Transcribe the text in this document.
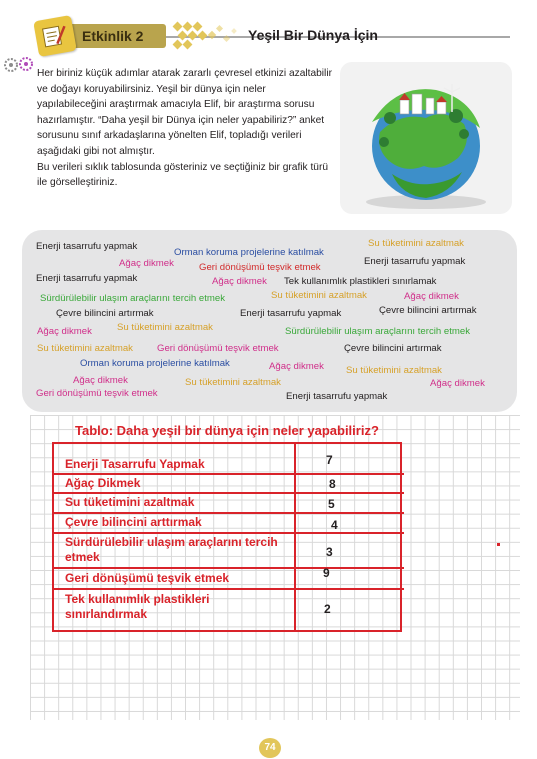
Etkinlik 2	Yeşil Bir Dünya İçin

Her biriniz küçük adımlar atarak zararlı çevresel etkinizi azaltabilir ve doğayı koruyabilirsiniz. Yeşil bir dünya için neler yapılabileceğini araştırmak amacıyla Elif, bir araştırma sorusu hazırlamıştır. “Daha yeşil bir Dünya için neler yapabiliriz?” anket sorusunu sınıf arkadaşlarına yönelten Elif, topladığı verileri aşağıdaki gibi not almıştır.

Bu verileri sıklık tablosunda gösteriniz ve seçtiğiniz bir grafik türü ile görselleştiriniz.

Enerji tasarrufu yapmak
Orman koruma projelerine katılmak
Su tüketimini azaltmak
Ağaç dikmek	Geri dönüşümü teşvik etmek
Enerji tasarrufu yapmak
Enerji tasarrufu yapmak	Ağaç dikmek Tek kullanımlık plastikleri sınırlamak
Su tüketimini azaltmak	Ağaç dikmek
Sürdürülebilir ulaşım araçlarını tercih etmek
Çevre bilincini artırmak
Çevre bilincini artırmak	Enerji tasarrufu yapmak
Ağaç dikmek	Su tüketimini azaltmak	Sürdürülebilir ulaşım araçlarını tercih etmek
Su tüketimini azaltmak	Geri dönüşümü teşvik etmek	Çevre bilincini artırmak
Orman koruma projelerine katılmak	Ağaç dikmek Su tüketimini azaltmak
Ağaç dikmek	Su tüketimini azaltmak	Ağaç dikmek
Geri dönüşümü teşvik etmek	Enerji tasarrufu yapmak
Tablo: Daha yeşil bir dünya için neler yapabiliriz?
Enerji Tasarrufu Yapmak	7
Ağaç Dikmek	8
Su tüketimini azaltmak	5
Çevre bilincini arttırmak	4
Sürdürülebilir ulaşım araçlarını tercih etmek	3
Geri dönüşümü teşvik etmek	9
Tek kullanımlık plastikleri sınırlandırmak	2
74
